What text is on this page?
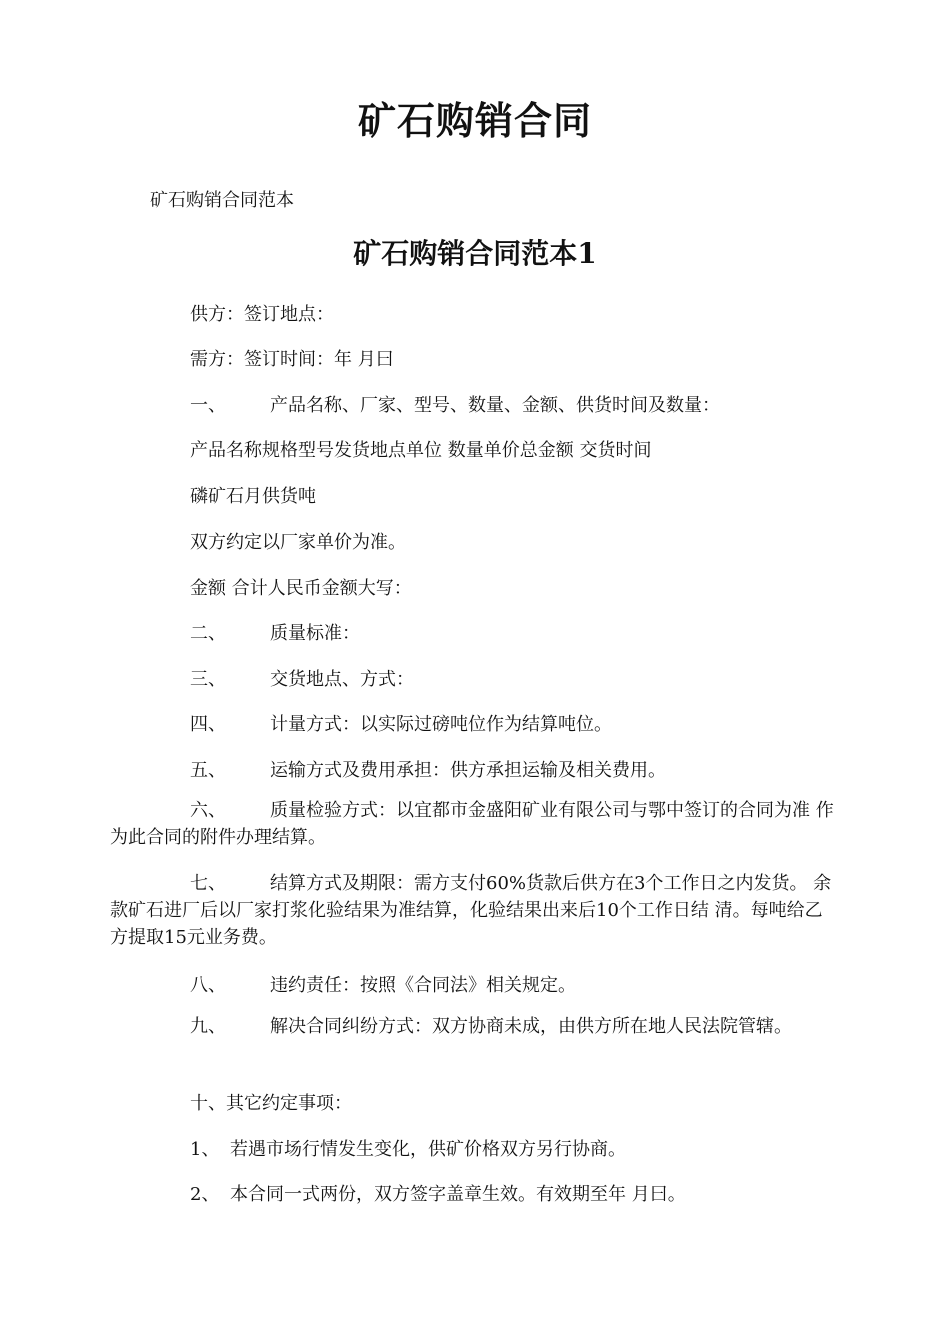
矿石购销合同
矿石购销合同范本
矿石购销合同范本1
供方：签订地点：
需方：签订时间：年 月曰
一、 产品名称、厂家、型号、数量、金额、供货时间及数量：
产品名称规格型号发货地点单位 数量单价总金额 交货时间
磷矿石月供货吨
双方约定以厂家单价为准。
金额 合计人民币金额大写：
二、 质量标准：
三、 交货地点、方式：
四、 计量方式：以实际过磅吨位作为结算吨位。
五、 运输方式及费用承担：供方承担运输及相关费用。
六、 质量检验方式：以宜都市金盛阳矿业有限公司与鄂中签订的合同为准 作为此合同的附件办理结算。
七、 结算方式及期限：需方支付60%货款后供方在3个工作日之内发货。 余款矿石进厂后以厂家打浆化验结果为准结算，化验结果出来后10个工作日结 清。每吨给乙方提取15元业务费。
八、 违约责任：按照《合同法》相关规定。
九、 解决合同纠纷方式：双方协商未成，由供方所在地人民法院管辖。
十、其它约定事项：
1、 若遇市场行情发生变化，供矿价格双方另行协商。
2、 本合同一式两份，双方签字盖章生效。有效期至年 月曰。
